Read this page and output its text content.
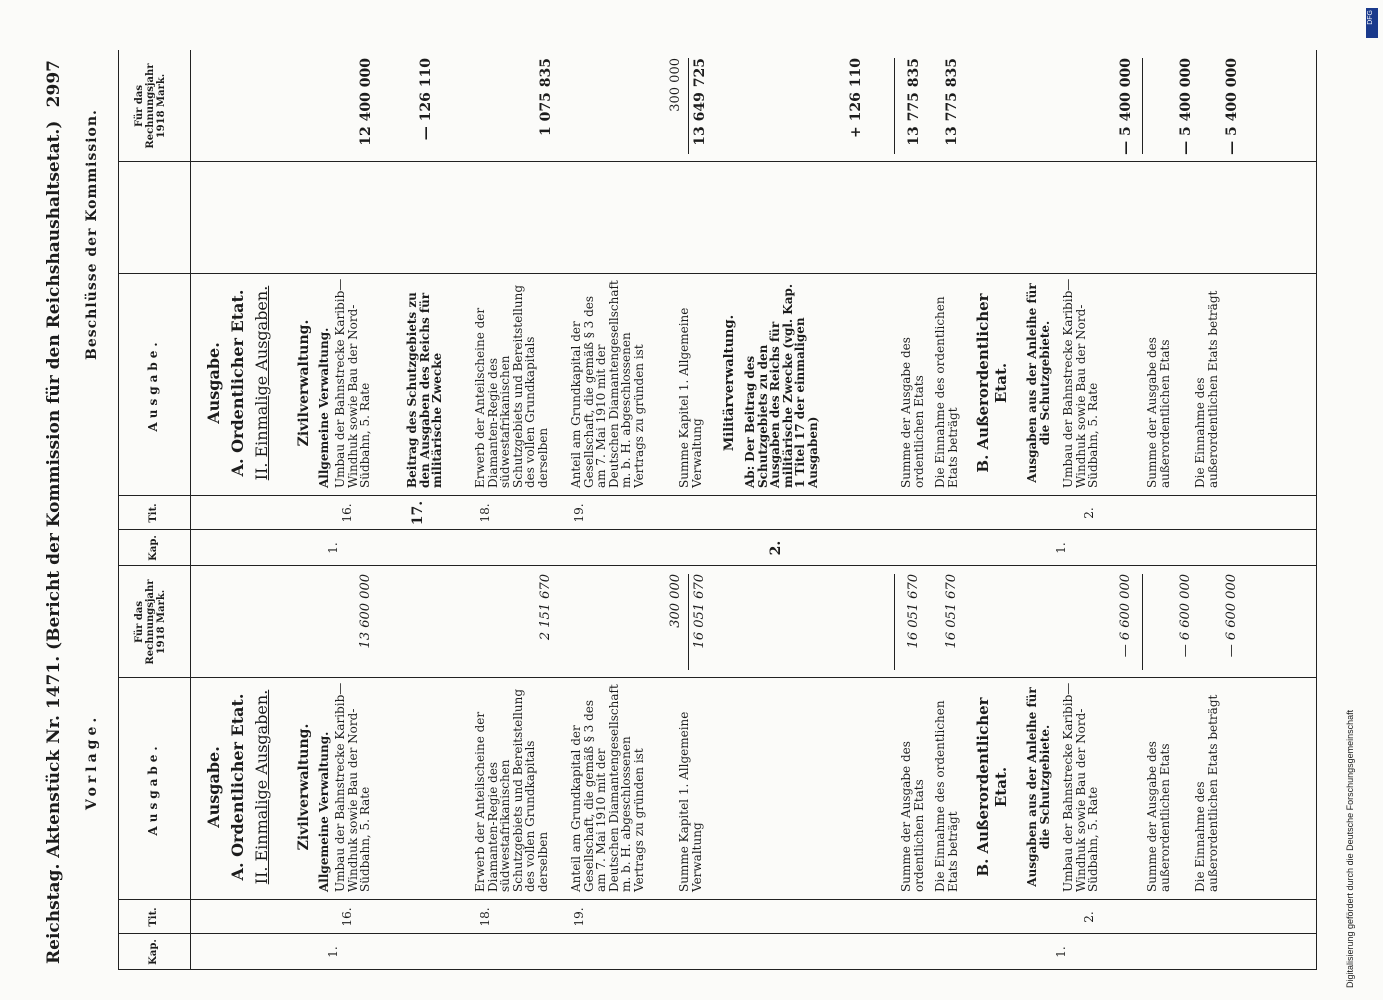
Reichstag. Aktenstück Nr. 1471. (Bericht der Kommission für den Reichshaushaltsetat.)
2997
Vorlage.
Beschlüsse der Kommission.
Kap.
Tit.
Ausgabe.
Für das Rechnungsjahr 1918 Mark.
Kap.
Tit.
Ausgabe.
Für das Rechnungsjahr 1918 Mark.
Ausgabe. A. Ordentlicher Etat. II. Einmalige Ausgaben. Zivilverwaltung.
1.
Allgemeine Verwaltung.
16.
Umbau der Bahnstrecke Karibib—Windhuk sowie Bau der Nord-Südbahn, 5. Rate
13 600 000
18.
Erwerb der Anteilscheine der Diamanten-Regie des südwestafrikanischen Schutzgebiets und Bereitstellung des vollen Grundkapitals derselben
19.
Anteil am Grundkapital der Gesellschaft, die gemäß § 3 des am 7. Mai 1910 mit der Deutschen Diamantengesellschaft m. b. H. abgeschlossenen Vertrags zu gründen ist
2 151 670	300 000
Summe Kapitel 1. Allgemeine Verwaltung
16 051 670
Summe der Ausgabe des ordentlichen Etats
16 051 670
Die Einnahme des ordentlichen Etats beträgt
16 051 670
B. Außerordentlicher Etat. Ausgaben aus der Anleihe für die Schutzgebiete.
1.
2.
Umbau der Bahnstrecke Karibib—Windhuk sowie Bau der Nord-Südbahn, 5. Rate
— 6 600 000
Summe der Ausgabe des außerordentlichen Etats
— 6 600 000
Die Einnahme des außerordentlichen Etats beträgt
— 6 600 000
Ausgabe. A. Ordentlicher Etat. II. Einmalige Ausgaben. Zivilverwaltung.
1.
Allgemeine Verwaltung.
16.
Umbau der Bahnstrecke Karibib—Windhuk sowie Bau der Nord-Südbahn, 5. Rate
12 400 000
17.
Beitrag des Schutzgebiets zu den Ausgaben des Reichs für militärische Zwecke
— 126 110
18.
Erwerb der Anteilscheine der Diamanten-Regie des südwestafrikanischen Schutzgebiets und Bereitstellung des vollen Grundkapitals derselben
1 075 835
19.
Anteil am Grundkapital der Gesellschaft, die gemäß § 3 des am 7. Mai 1910 mit der Deutschen Diamantengesellschaft m. b. H. abgeschlossenen Vertrags zu gründen ist
300 000
Summe Kapitel 1. Allgemeine Verwaltung
13 649 725
Militärverwaltung.
2.
Ab: Der Beitrag des Schutzgebiets zu den Ausgaben des Reichs für militärische Zwecke (vgl. Kap. 1 Titel 17 der einmaligen Ausgaben)
+ 126 110
Summe der Ausgabe des ordentlichen Etats
13 775 835
Die Einnahme des ordentlichen Etats beträgt
13 775 835
B. Außerordentlicher Etat. Ausgaben aus der Anleihe für die Schutzgebiete.
1.
2.
Umbau der Bahnstrecke Karibib—Windhuk sowie Bau der Nord-Südbahn, 5. Rate
— 5 400 000
Summe der Ausgabe des außerordentlichen Etats
— 5 400 000
Die Einnahme des außerordentlichen Etats beträgt
— 5 400 000
Digitalisierung gefördert durch die Deutsche Forschungsgemeinschaft
DFG
